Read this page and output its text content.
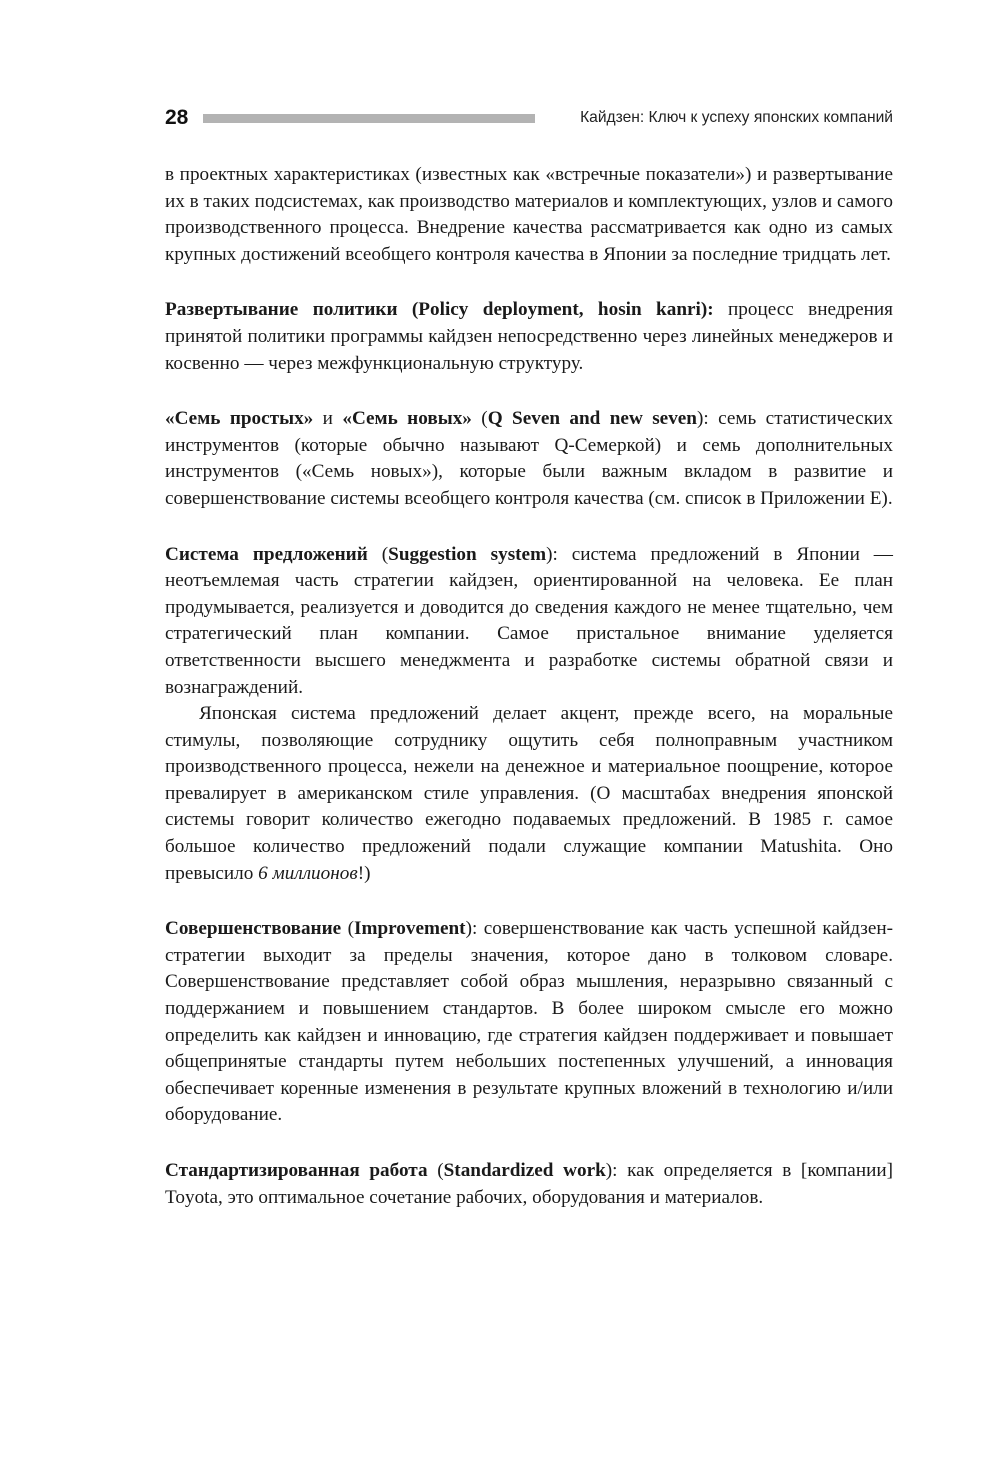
28	Кайдзен: Ключ к успеху японских компаний

в проектных характеристиках (известных как «встречные показатели») и развертывание их в таких подсистемах, как производство материалов и комплектующих, узлов и самого производственного процесса. Внедрение качества рассматривается как одно из самых крупных достижений всеобщего контроля качества в Японии за последние тридцать лет.

Развертывание политики (Policy deployment, hosin kanri): процесс внедрения принятой политики программы кайдзен непосредственно через линейных менеджеров и косвенно — через межфункциональную структуру.

«Семь простых» и «Семь новых» (Q Seven and new seven): семь статистических инструментов (которые обычно называют Q-Семеркой) и семь дополнительных инструментов («Семь новых»), которые были важным вкладом в развитие и совершенствование системы всеобщего контроля качества (см. список в Приложении Е).

Система предложений (Suggestion system): система предложений в Японии — неотъемлемая часть стратегии кайдзен, ориентированной на человека. Ее план продумывается, реализуется и доводится до сведения каждого не менее тщательно, чем стратегический план компании. Самое пристальное внимание уделяется ответственности высшего менеджмента и разработке системы обратной связи и вознаграждений.

Японская система предложений делает акцент, прежде всего, на моральные стимулы, позволяющие сотруднику ощутить себя полноправным участником производственного процесса, нежели на денежное и материальное поощрение, которое превалирует в американском стиле управления. (О масштабах внедрения японской системы говорит количество ежегодно подаваемых предложений. В 1985 г. самое большое количество предложений подали служащие компании Matushita. Оно превысило 6 миллионов!)

Совершенствование (Improvement): совершенствование как часть успешной кайдзен-стратегии выходит за пределы значения, которое дано в толковом словаре. Совершенствование представляет собой образ мышления, неразрывно связанный с поддержанием и повышением стандартов. В более широком смысле его можно определить как кайдзен и инновацию, где стратегия кайдзен поддерживает и повышает общепринятые стандарты путем небольших постепенных улучшений, а инновация обеспечивает коренные изменения в результате крупных вложений в технологию и/или оборудование.

Стандартизированная работа (Standardized work): как определяется в [компании] Toyota, это оптимальное сочетание рабочих, оборудования и материалов.
